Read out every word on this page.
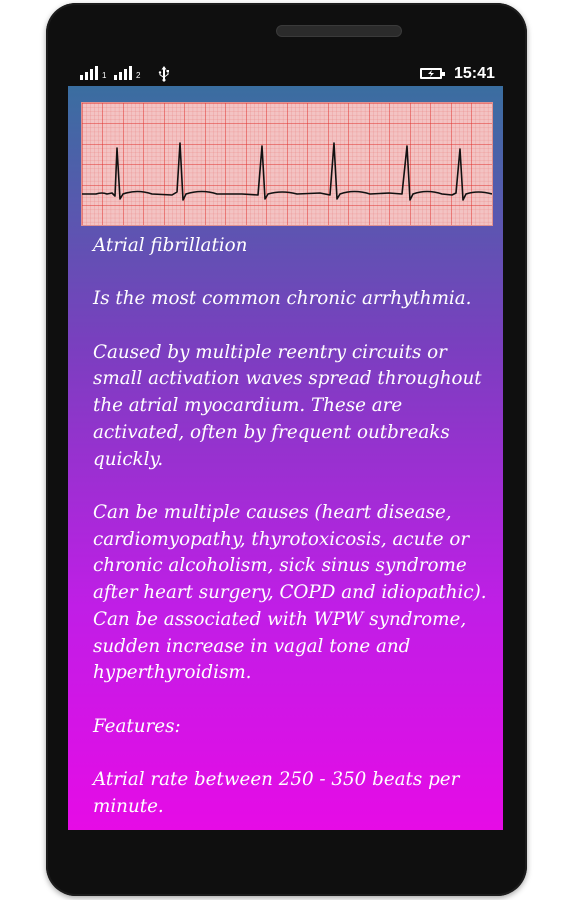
1	2	15:41

Atrial fibrillation

Is the most common chronic arrhythmia.

Caused by multiple reentry circuits or small activation waves spread throughout the atrial myocardium. These are activated, often by frequent outbreaks quickly.

Can be multiple causes (heart disease, cardiomyopathy, thyrotoxicosis, acute or chronic alcoholism, sick sinus syndrome after heart surgery, COPD and idiopathic). Can be associated with WPW syndrome, sudden increase in vagal tone and hyperthyroidism.

Features:

Atrial rate between 250 - 350 beats per minute.
